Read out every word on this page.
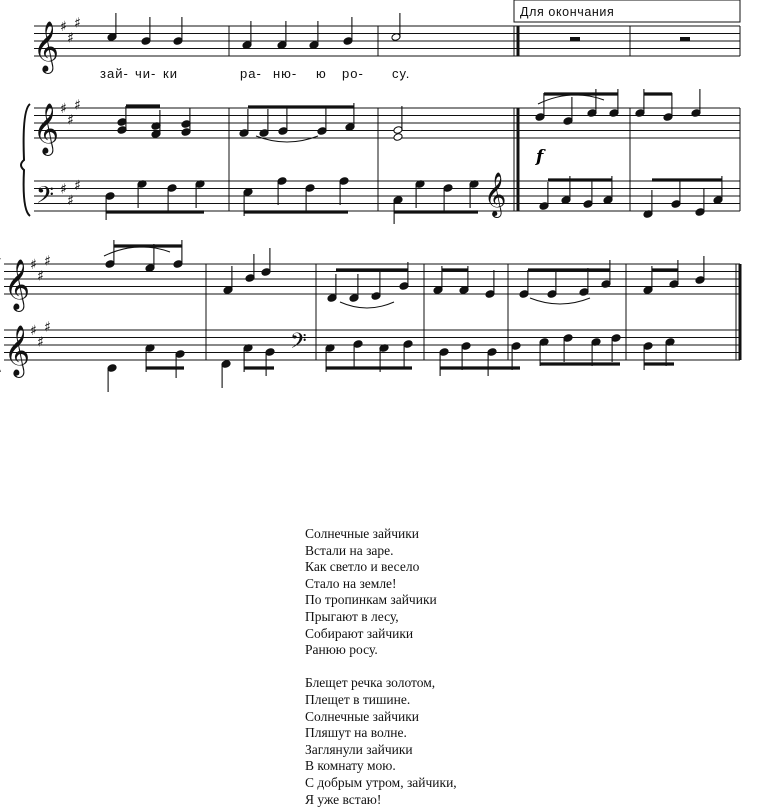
𝄞
𝄞
𝄢
♯
♯
♯
♯
♯
♯
♯
♯
♯	𝄞
𝄞
𝄞
♯
♯
♯
♯
♯
♯
𝄢
f
Для окончания
зай- чи- ки	ра- ню- ю ро- су.
Солнечные зайчики
Встали на заре.
Как светло и весело
Стало на земле!
По тропинкам зайчики
Прыгают в лесу,
Собирают зайчики
Ранюю росу.
Блещет речка золотом,
Плещет в тишине.
Солнечные зайчики
Пляшут на волне.
Заглянули зайчики
В комнату мою.
С добрым утром, зайчики,
Я уже встаю!
